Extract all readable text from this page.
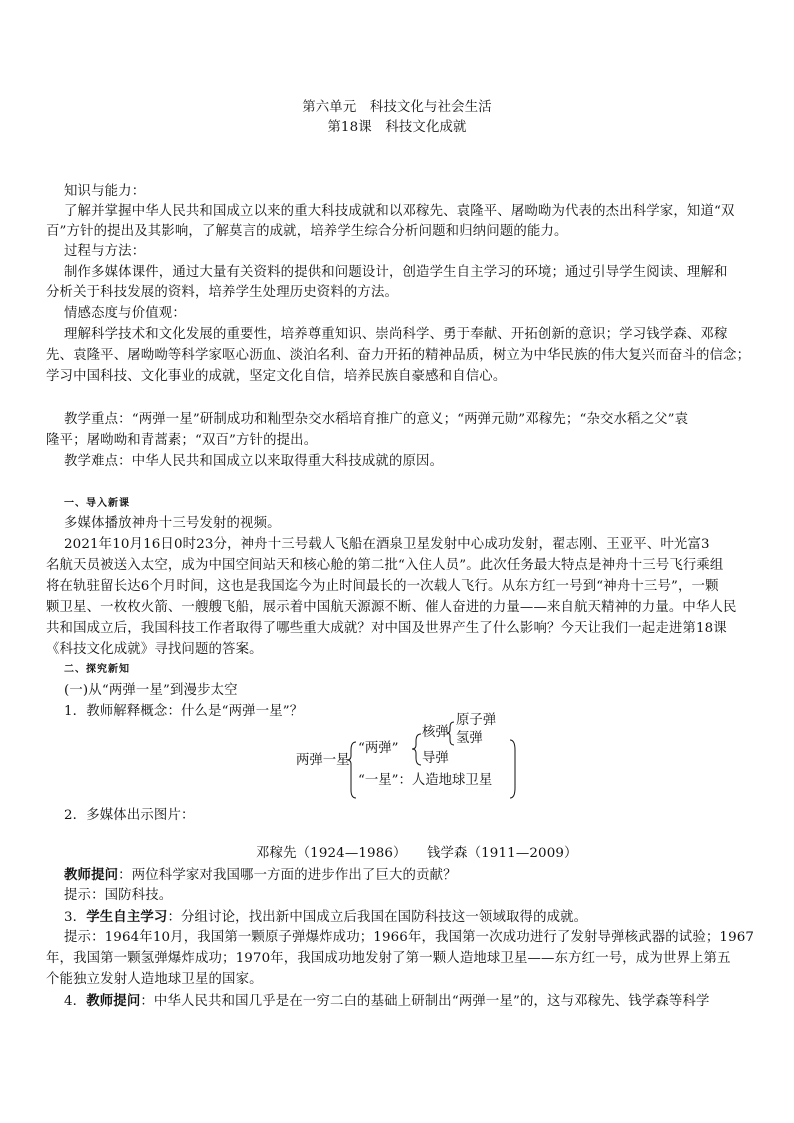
第六单元　科技文化与社会生活
第18课　科技文化成就
知识与能力：
了解并掌握中华人民共和国成立以来的重大科技成就和以邓稼先、袁隆平、屠呦呦为代表的杰出科学家，知道“双
百”方针的提出及其影响，了解莫言的成就，培养学生综合分析问题和归纳问题的能力。
过程与方法：
制作多媒体课件，通过大量有关资料的提供和问题设计，创造学生自主学习的环境；通过引导学生阅读、理解和
分析关于科技发展的资料，培养学生处理历史资料的方法。
情感态度与价值观：
理解科学技术和文化发展的重要性，培养尊重知识、崇尚科学、勇于奉献、开拓创新的意识；学习钱学森、邓稼
先、袁隆平、屠呦呦等科学家呕心沥血、淡泊名利、奋力开拓的精神品质，树立为中华民族的伟大复兴而奋斗的信念；
学习中国科技、文化事业的成就，坚定文化自信，培养民族自豪感和自信心。
教学重点：“两弹一星”研制成功和籼型杂交水稻培育推广的意义；“两弹元勋”邓稼先；“杂交水稻之父”袁
隆平；屠呦呦和青蒿素；“双百”方针的提出。
教学难点：中华人民共和国成立以来取得重大科技成就的原因。
一、导入新课
多媒体播放神舟十三号发射的视频。
2021年10月16日0时23分，神舟十三号载人飞船在酒泉卫星发射中心成功发射，翟志刚、王亚平、叶光富3
名航天员被送入太空，成为中国空间站天和核心舱的第二批“入住人员”。此次任务最大特点是神舟十三号飞行乘组
将在轨驻留长达6个月时间，这也是我国迄今为止时间最长的一次载人飞行。从东方红一号到“神舟十三号”，一颗
颗卫星、一枚枚火箭、一艘艘飞船，展示着中国航天源源不断、催人奋进的力量——来自航天精神的力量。中华人民
共和国成立后，我国科技工作者取得了哪些重大成就？对中国及世界产生了什么影响？今天让我们一起走进第18课
《科技文化成就》寻找问题的答案。
二、探究新知
(一)从“两弹一星”到漫步太空
1．教师解释概念：什么是“两弹一星”？
两弹一星
“两弹”
核弹
原子弹
氢弹
导弹
“一星”：人造地球卫星
2．多媒体出示图片：
邓稼先（1924—1986）　　钱学森（1911—2009）
教师提问：两位科学家对我国哪一方面的进步作出了巨大的贡献？
提示：国防科技。
3．学生自主学习：分组讨论，找出新中国成立后我国在国防科技这一领域取得的成就。
提示：1964年10月，我国第一颗原子弹爆炸成功；1966年，我国第一次成功进行了发射导弹核武器的试验；1967
年，我国第一颗氢弹爆炸成功；1970年，我国成功地发射了第一颗人造地球卫星——东方红一号，成为世界上第五
个能独立发射人造地球卫星的国家。
4．教师提问：中华人民共和国几乎是在一穷二白的基础上研制出“两弹一星”的，这与邓稼先、钱学森等科学
